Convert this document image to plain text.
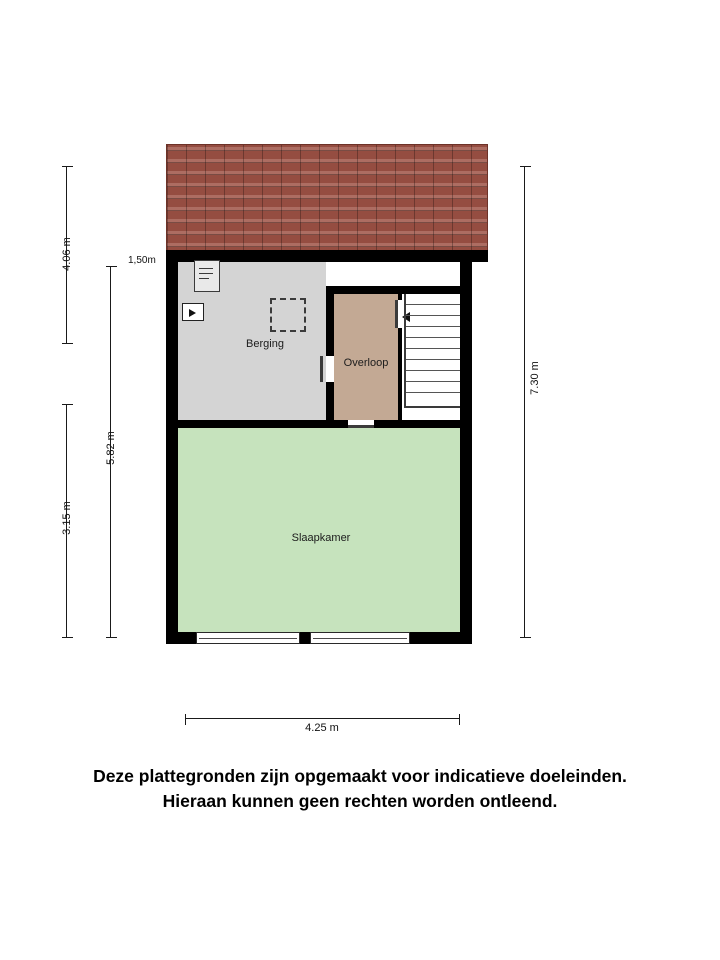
4.06 m
3.15 m
5.82 m
7.30 m
4.25 m
1,50m
Berging
Overloop
Slaapkamer
Deze plattegronden zijn opgemaakt voor indicatieve doeleinden.
Hieraan kunnen geen rechten worden ontleend.
